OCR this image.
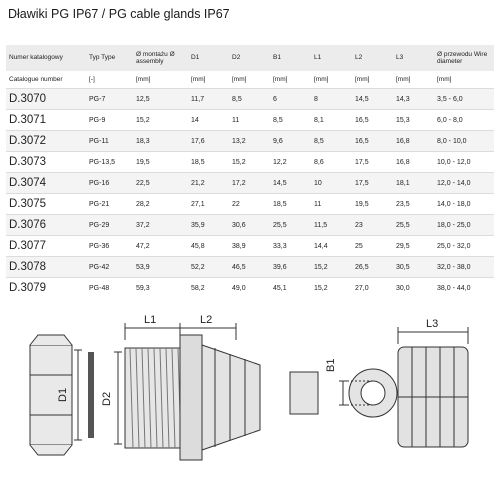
Dławiki PG IP67 / PG cable glands IP67
Numer katalogowy	Typ Type	Ø montażu Ø assembly	D1	D2	B1	L1	L2	L3	Ø przewodu Wire diameter
Catalogue number	[-]	[mm]	[mm]	[mm]	[mm]	[mm]	[mm]	[mm]	[mm]
D.3070	PG-7	12,5	11,7	8,5	6	8	14,5	14,3	3,5 - 6,0
D.3071	PG-9	15,2	14	11	8,5	8,1	16,5	15,3	6,0 - 8,0
D.3072	PG-11	18,3	17,6	13,2	9,6	8,5	16,5	16,8	8,0 - 10,0
D.3073	PG-13,5	19,5	18,5	15,2	12,2	8,6	17,5	16,8	10,0 - 12,0
D.3074	PG-16	22,5	21,2	17,2	14,5	10	17,5	18,1	12,0 - 14,0
D.3075	PG-21	28,2	27,1	22	18,5	11	19,5	23,5	14,0 - 18,0
D.3076	PG-29	37,2	35,9	30,6	25,5	11,5	23	25,5	18,0 - 25,0
D.3077	PG-36	47,2	45,8	38,9	33,3	14,4	25	29,5	25,0 - 32,0
D.3078	PG-42	53,9	52,2	46,5	39,6	15,2	26,5	30,5	32,0 - 38,0
D.3079	PG-48	59,3	58,2	49,0	45,1	15,2	27,0	30,0	38,0 - 44,0
D1
L1	L2
D2
B1
L3
